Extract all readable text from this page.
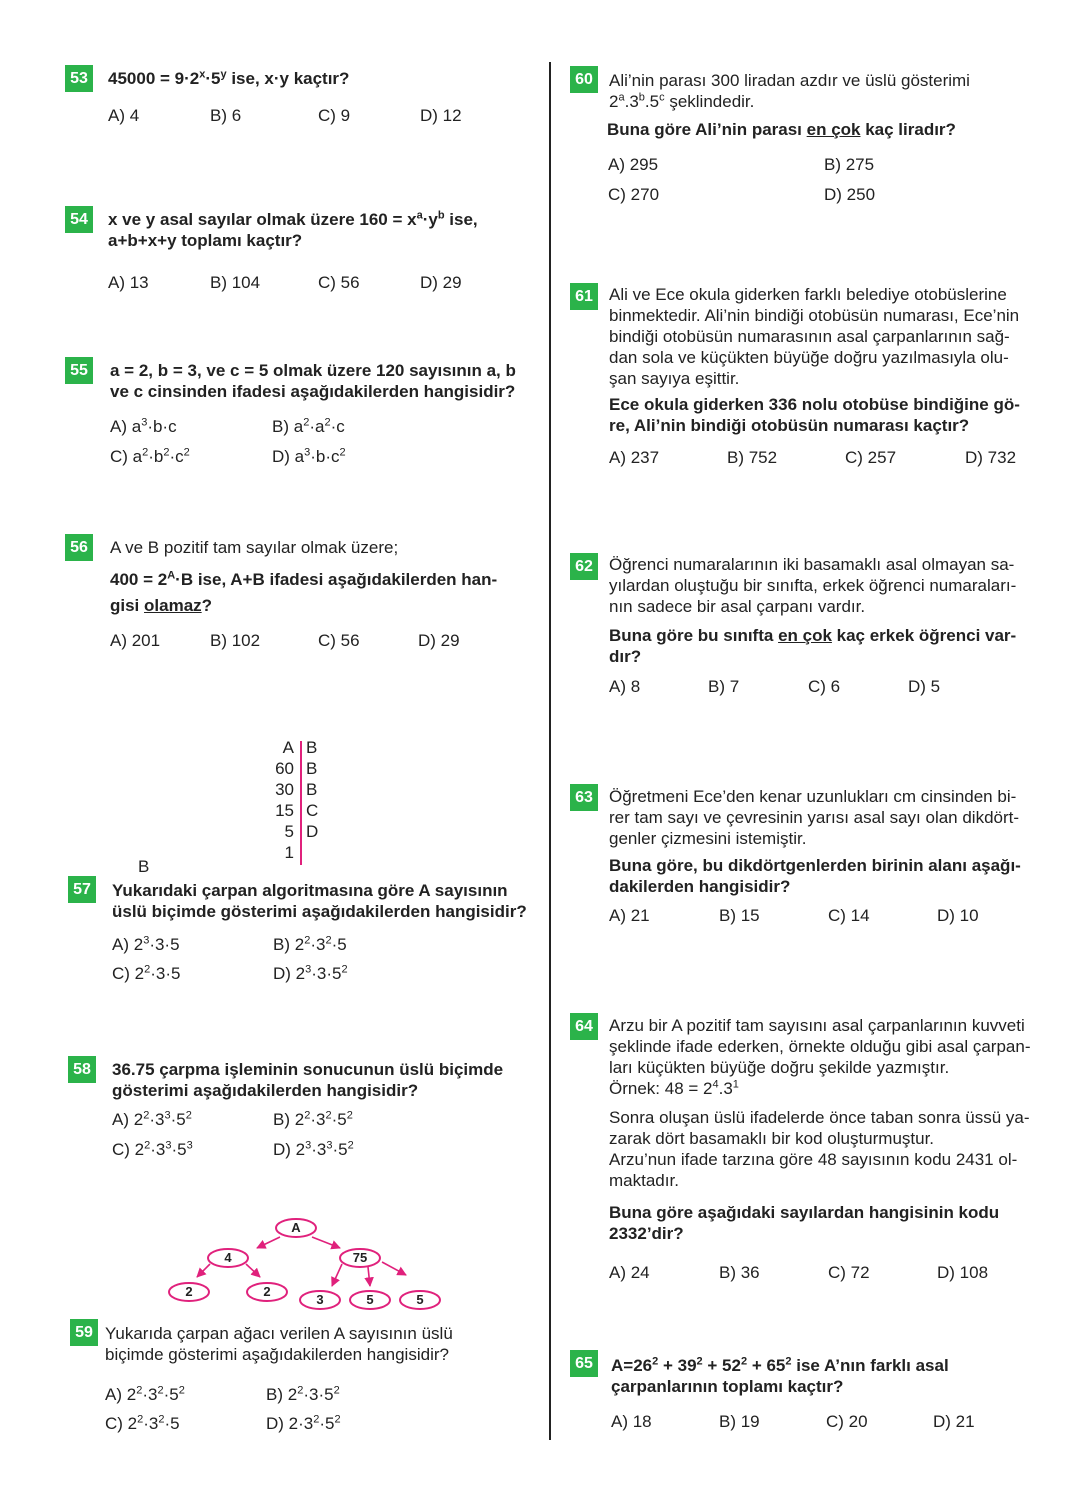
53	$45000 = 9\cdot 2^x\cdot 5^y$ ise, x·y kaçtır?
A) 4	B) 6	C) 9	D) 12
54	x ve y asal sayılar olmak üzere $160 = x^a\cdot y^b$ ise,
a+b+x+y toplamı kaçtır?
A) 13	B) 104	C) 56	D) 29
55	a = 2, b = 3, ve c = 5 olmak üzere 120 sayısının a, b
ve c cinsinden ifadesi aşağıdakilerden hangisidir?
A) $a^3\cdot b\cdot c$	B) $a^2\cdot a^2\cdot c$
C) $a^2\cdot b^2\cdot c^2$	D) $a^3\cdot b\cdot c^2$
56	A ve B pozitif tam sayılar olmak üzere;
$400 = 2^A\cdot B$ ise, A+B ifadesi aşağıdakilerden han-
gisi olamaz?
A) 201	B) 102	C) 56	D) 29
A B
60 B
30 B
15 C
5 D
1
B
57	Yukarıdaki çarpan algoritmasına göre A sayısının
üslü biçimde gösterimi aşağıdakilerden hangisidir?
A) $2^3\cdot 3\cdot 5$	B) $2^2\cdot 3^2\cdot 5$
C) $2^2\cdot 3\cdot 5$	D) $2^3\cdot 3\cdot 5^2$
58	36.75 çarpma işleminin sonucunun üslü biçimde
gösterimi aşağıdakilerden hangisidir?
A) $2^2\cdot 3^3\cdot 5^2$	B) $2^2\cdot 3^2\cdot 5^2$
C) $2^2\cdot 3^3\cdot 5^3$	D) $2^3\cdot 3^3\cdot 5^2$
A
4	75
2	2
3	5	5
59 Yukarıda çarpan ağacı verilen A sayısının üslü
biçimde gösterimi aşağıdakilerden hangisidir?
A) $2^2\cdot 3^2\cdot 5^2$	B) $2^2\cdot 3\cdot 5^2$
C) $2^2\cdot 3^2\cdot 5$	D) $2\cdot 3^2\cdot 5^2$
60 Ali’nin parası 300 liradan azdır ve üslü gösterimi
2$^a$.3$^b$.5$^c$ şeklindedir.
Buna göre Ali’nin parası en çok kaç liradır?
A) 295	B) 275
C) 270	D) 250
61 Ali ve Ece okula giderken farklı belediye otobüslerine
binmektedir. Ali’nin bindiği otobüsün numarası, Ece’nin
bindiği otobüsün numarasının asal çarpanlarının sağ-
dan sola ve küçükten büyüğe doğru yazılmasıyla olu-
şan sayıya eşittir.
Ece okula giderken 336 nolu otobüse bindiğine gö-
re, Ali’nin bindiği otobüsün numarası kaçtır?
A) 237	B) 752	C) 257	D) 732
62 Öğrenci numaralarının iki basamaklı asal olmayan sa-
yılardan oluştuğu bir sınıfta, erkek öğrenci numaraları-
nın sadece bir asal çarpanı vardır.
Buna göre bu sınıfta en çok kaç erkek öğrenci var-
dır?
A) 8	B) 7	C) 6	D) 5
63 Öğretmeni Ece’den kenar uzunlukları cm cinsinden bi-
rer tam sayı ve çevresinin yarısı asal sayı olan dikdört-
genler çizmesini istemiştir.
Buna göre, bu dikdörtgenlerden birinin alanı aşağı-
dakilerden hangisidir?
A) 21	B) 15	C) 14	D) 10
64 Arzu bir A pozitif tam sayısını asal çarpanlarının kuvveti
şeklinde ifade ederken, örnekte olduğu gibi asal çarpan-
ları küçükten büyüğe doğru şekilde yazmıştır.
Örnek: $48 = 2^4.3^1$
Sonra oluşan üslü ifadelerde önce taban sonra üssü ya-
zarak dört basamaklı bir kod oluşturmuştur.
Arzu’nun ifade tarzına göre 48 sayısının kodu 2431 ol-
maktadır.
Buna göre aşağıdaki sayılardan hangisinin kodu
2332’dir?
A) 24	B) 36	C) 72	D) 108
65	$A=26^2 + 39^2 + 52^2 + 65^2$ ise A’nın farklı asal
çarpanlarının toplamı kaçtır?
A) 18	B) 19	C) 20	D) 21
